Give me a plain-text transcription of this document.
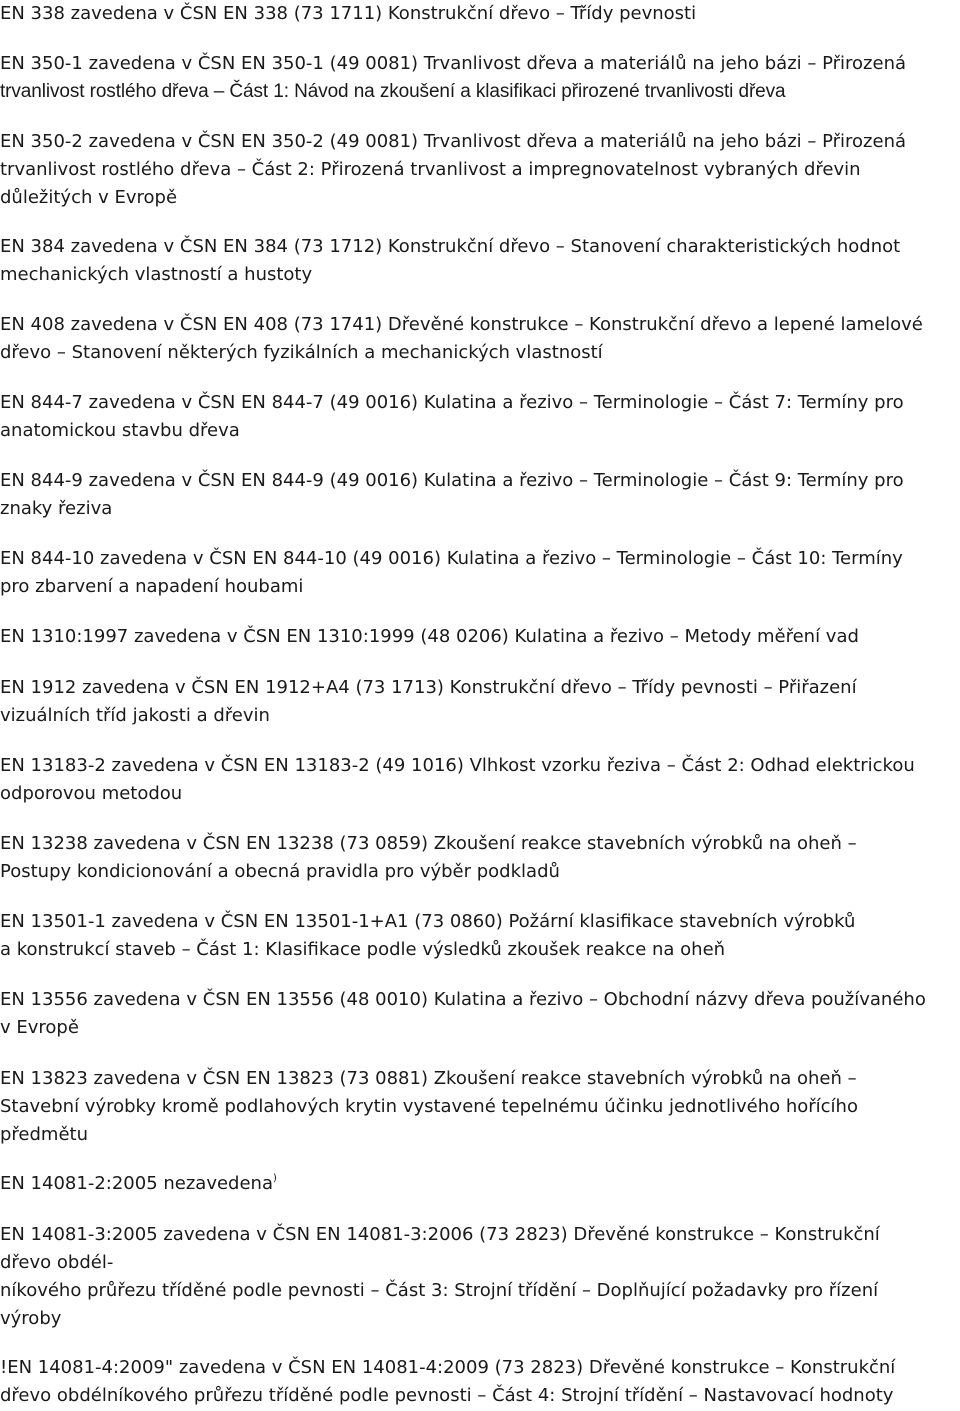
EN 338 zavedena v ČSN EN 338 (73 1711) Konstrukční dřevo – Třídy pevnosti

EN 350-1 zavedena v ČSN EN 350-1 (49 0081) Trvanlivost dřeva a materiálů na jeho bázi – Přirozená
trvanlivost rostlého dřeva – Část 1: Návod na zkoušení a klasifikaci přirozené trvanlivosti dřeva

EN 350-2 zavedena v ČSN EN 350-2 (49 0081) Trvanlivost dřeva a materiálů na jeho bázi – Přirozená
trvanlivost rostlého dřeva – Část 2: Přirozená trvanlivost a impregnovatelnost vybraných dřevin
důležitých v Evropě

EN 384 zavedena v ČSN EN 384 (73 1712) Konstrukční dřevo – Stanovení charakteristických hodnot
mechanických vlastností a hustoty

EN 408 zavedena v ČSN EN 408 (73 1741) Dřevěné konstrukce – Konstrukční dřevo a lepené lamelové
dřevo – Stanovení některých fyzikálních a mechanických vlastností

EN 844-7 zavedena v ČSN EN 844-7 (49 0016) Kulatina a řezivo – Terminologie – Část 7: Termíny pro
anatomickou stavbu dřeva

EN 844-9 zavedena v ČSN EN 844-9 (49 0016) Kulatina a řezivo – Terminologie – Část 9: Termíny pro
znaky řeziva

EN 844-10 zavedena v ČSN EN 844-10 (49 0016) Kulatina a řezivo – Terminologie – Část 10: Termíny
pro zbarvení a napadení houbami

EN 1310:1997 zavedena v ČSN EN 1310:1999 (48 0206) Kulatina a řezivo – Metody měření vad

EN 1912 zavedena v ČSN EN 1912+A4 (73 1713) Konstrukční dřevo – Třídy pevnosti – Přiřazení
vizuálních tříd jakosti a dřevin

EN 13183-2 zavedena v ČSN EN 13183-2 (49 1016) Vlhkost vzorku řeziva – Část 2: Odhad elektrickou
odporovou metodou

EN 13238 zavedena v ČSN EN 13238 (73 0859) Zkoušení reakce stavebních výrobků na oheň –
Postupy kondicionování a obecná pravidla pro výběr podkladů

EN 13501-1 zavedena v ČSN EN 13501-1+A1 (73 0860) Požární klasifikace stavebních výrobků
a konstrukcí staveb – Část 1: Klasifikace podle výsledků zkoušek reakce na oheň

EN 13556 zavedena v ČSN EN 13556 (48 0010) Kulatina a řezivo – Obchodní názvy dřeva používaného
v Evropě

EN 13823 zavedena v ČSN EN 13823 (73 0881) Zkoušení reakce stavebních výrobků na oheň –
Stavební výrobky kromě podlahových krytin vystavené tepelnému účinku jednotlivého hořícího
předmětu

EN 14081-2:2005 nezavedena)

EN 14081-3:2005 zavedena v ČSN EN 14081-3:2006 (73 2823) Dřevěné konstrukce – Konstrukční
dřevo obdél-
níkového průřezu tříděné podle pevnosti – Část 3: Strojní třídění – Doplňující požadavky pro řízení
výroby

!EN 14081-4:2009" zavedena v ČSN EN 14081-4:2009 (73 2823) Dřevěné konstrukce – Konstrukční
dřevo obdélníkového průřezu tříděné podle pevnosti – Část 4: Strojní třídění – Nastavovací hodnoty
